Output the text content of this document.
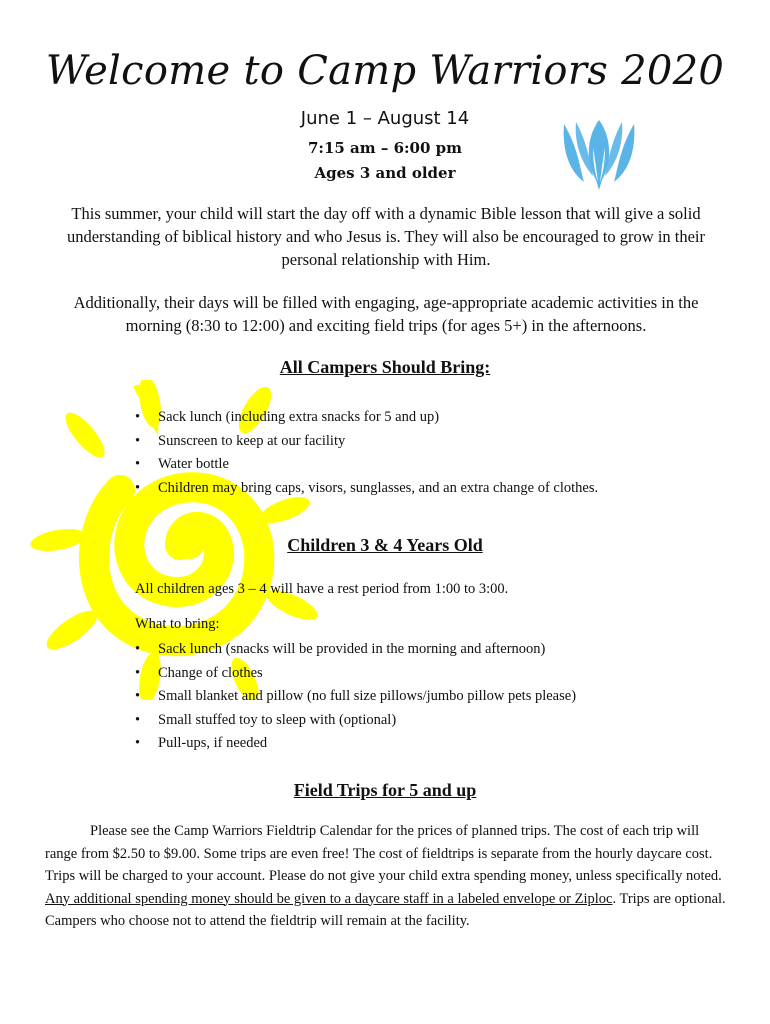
Welcome to Camp Warriors 2020
June 1 – August 14
7:15 am – 6:00 pm
Ages 3 and older

This summer, your child will start the day off with a dynamic Bible lesson that will give a solid understanding of biblical history and who Jesus is. They will also be encouraged to grow in their personal relationship with Him.

Additionally, their days will be filled with engaging, age-appropriate academic activities in the morning (8:30 to 12:00) and exciting field trips (for ages 5+) in the afternoons.

All Campers Should Bring:
• Sack lunch (including extra snacks for 5 and up)
• Sunscreen to keep at our facility
• Water bottle
• Children may bring caps, visors, sunglasses, and an extra change of clothes.
Children 3 & 4 Years Old

All children ages 3 – 4 will have a rest period from 1:00 to 3:00.

What to bring:

• Sack lunch (snacks will be provided in the morning and afternoon)
• Change of clothes
• Small blanket and pillow (no full size pillows/jumbo pillow pets please)
• Small stuffed toy to sleep with (optional)
• Pull-ups, if needed
Field Trips for 5 and up

Please see the Camp Warriors Fieldtrip Calendar for the prices of planned trips. The cost of each trip will range from $2.50 to $9.00. Some trips are even free! The cost of fieldtrips is separate from the hourly daycare cost. Trips will be charged to your account. Please do not give your child extra spending money, unless specifically noted. Any additional spending money should be given to a daycare staff in a labeled envelope or Ziploc. Trips are optional. Campers who choose not to attend the fieldtrip will remain at the facility.
